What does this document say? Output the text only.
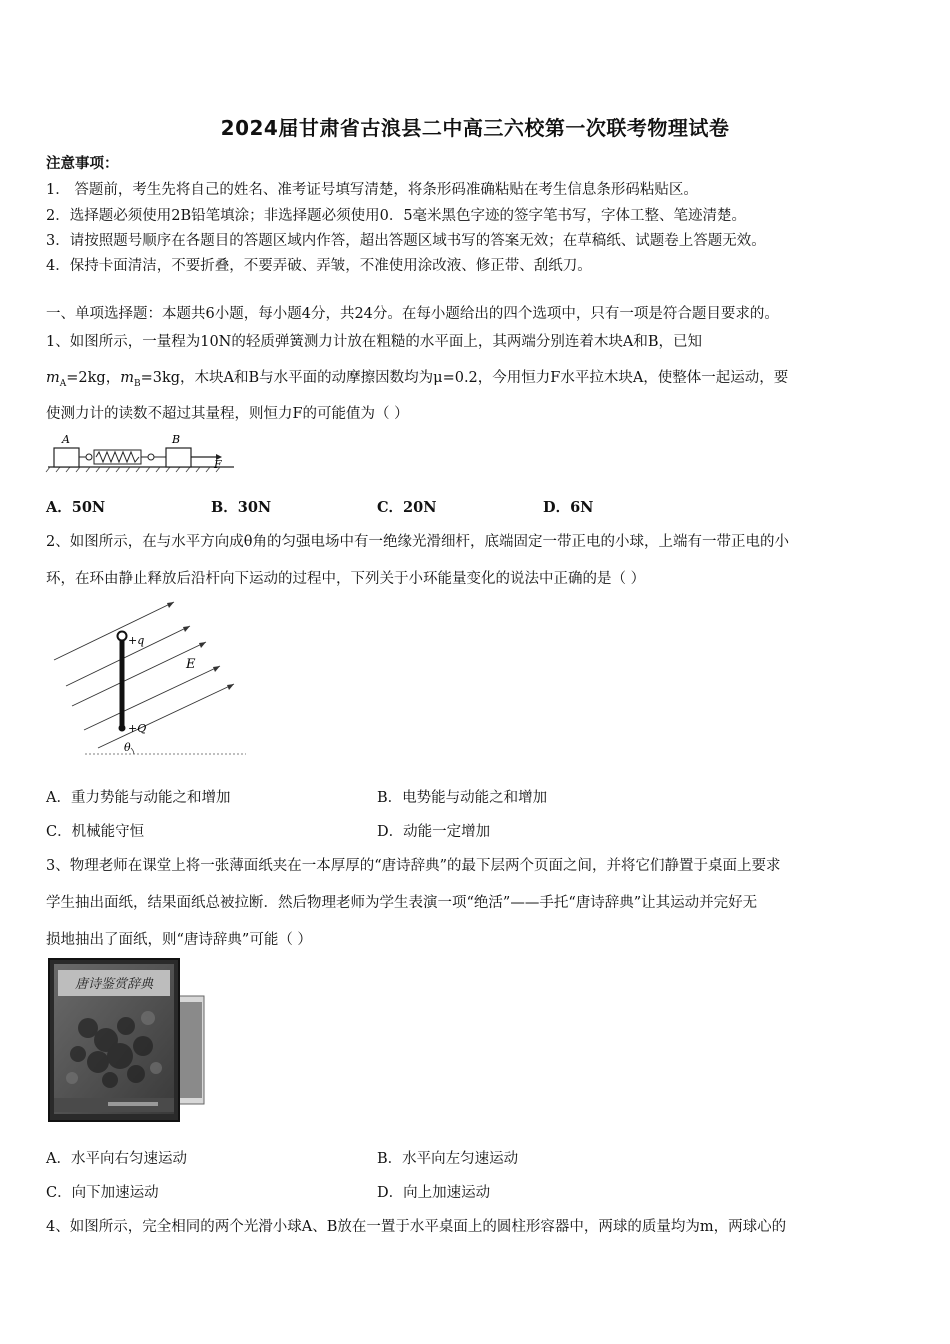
2024届甘肃省古浪县二中高三六校第一次联考物理试卷
注意事项：
1． 答题前，考生先将自己的姓名、准考证号填写清楚，将条形码准确粘贴在考生信息条形码粘贴区。
2．选择题必须使用2B铅笔填涂；非选择题必须使用0．5毫米黑色字迹的签字笔书写，字体工整、笔迹清楚。
3．请按照题号顺序在各题目的答题区域内作答，超出答题区域书写的答案无效；在草稿纸、试题卷上答题无效。
4．保持卡面清洁，不要折叠，不要弄破、弄皱，不准使用涂改液、修正带、刮纸刀。
一、单项选择题：本题共6小题，每小题4分，共24分。在每小题给出的四个选项中，只有一项是符合题目要求的。
1、如图所示，一量程为10N的轻质弹簧测力计放在粗糙的水平面上，其两端分别连着木块A和B，已知
$m_A=2kg$，$m_B=3kg$，木块A和B与水平面的动摩擦因数均为μ=0.2，今用恒力F水平拉木块A，使整体一起运动，要
使测力计的读数不超过其量程，则恒力F的可能值为（ ）
A	B
F
A．50N	B．30N	C．20N	D．6N
2、如图所示，在与水平方向成θ角的匀强电场中有一绝缘光滑细杆，底端固定一带正电的小球，上端有一带正电的小
环，在环由静止释放后沿杆向下运动的过程中，下列关于小环能量变化的说法中正确的是（ ）
+q
+Q
E
θ
A．重力势能与动能之和增加	B．电势能与动能之和增加
C．机械能守恒	D．动能一定增加
3、物理老师在课堂上将一张薄面纸夹在一本厚厚的“唐诗辞典”的最下层两个页面之间，并将它们静置于桌面上要求
学生抽出面纸，结果面纸总被拉断．然后物理老师为学生表演一项“绝活”——手托“唐诗辞典”让其运动并完好无
损地抽出了面纸，则“唐诗辞典”可能（ ）
唐诗鉴赏辞典
A．水平向右匀速运动	B．水平向左匀速运动
C．向下加速运动	D．向上加速运动
4、如图所示，完全相同的两个光滑小球A、B放在一置于水平桌面上的圆柱形容器中，两球的质量均为m，两球心的
